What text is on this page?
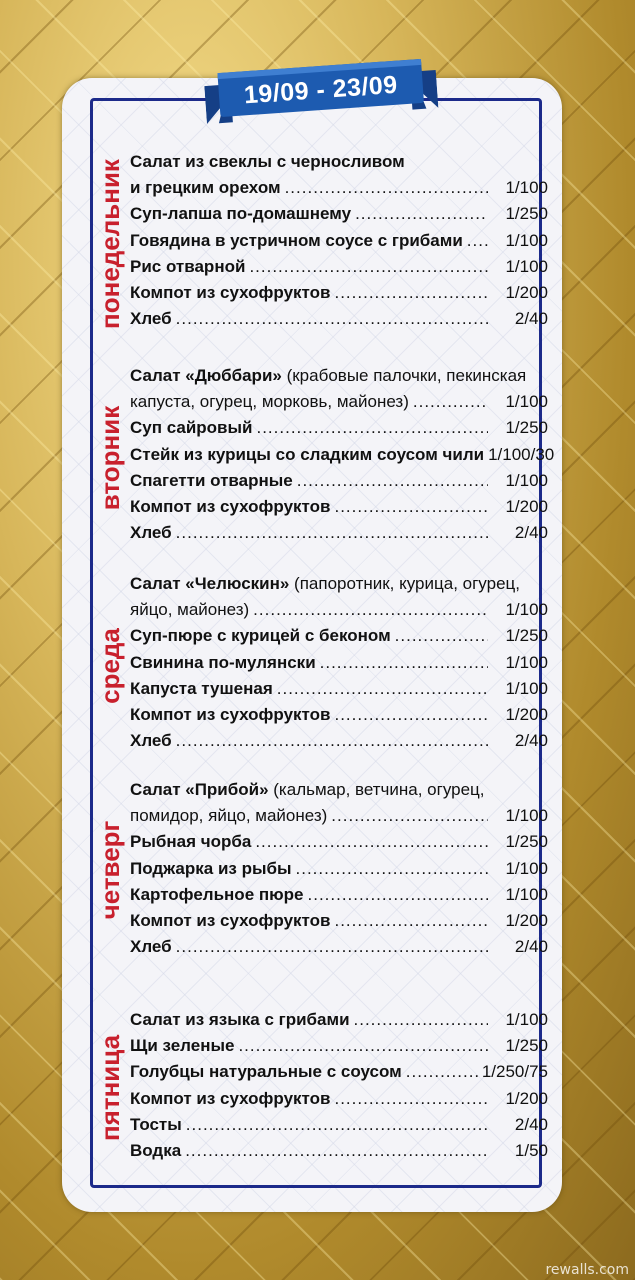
19/09 - 23/09
понедельник
вторник
среда
четверг
пятница
Салат из свеклы с черносливом
и грецким орехом .....	1/100
Суп-лапша по-домашнему .....	1/250
Говядина в устричном соусе с грибами .....	1/100
Рис отварной .....	1/100
Компот из сухофруктов .....	1/200
Хлеб .....	2/40
Салат «Дюббари» (крабовые палочки, пекинская
капуста, огурец, морковь, майонез) .....	1/100
Суп сайровый .....	1/250
Стейк из курицы со сладким соусом чили 1/100/30
Спагетти отварные .....	1/100
Компот из сухофруктов .....	1/200
Хлеб .....	2/40
Салат «Челюскин» (папоротник, курица, огурец,
яйцо, майонез) .....	1/100
Суп-пюре с курицей с беконом .....	1/250
Свинина по-мулянски .....	1/100
Капуста тушеная .....	1/100
Компот из сухофруктов .....	1/200
Хлеб .....	2/40
Салат «Прибой» (кальмар, ветчина, огурец,
помидор, яйцо, майонез) .....	1/100
Рыбная чорба .....	1/250
Поджарка из рыбы .....	1/100
Картофельное пюре .....	1/100
Компот из сухофруктов .....	1/200
Хлеб .....	2/40
Салат из языка с грибами .....	1/100
Щи зеленые .....	1/250
Голубцы натуральные с соусом .....	1/250/75
Компот из сухофруктов .....	1/200
Тосты .....	2/40
Водка .....	1/50
rewalls.com
